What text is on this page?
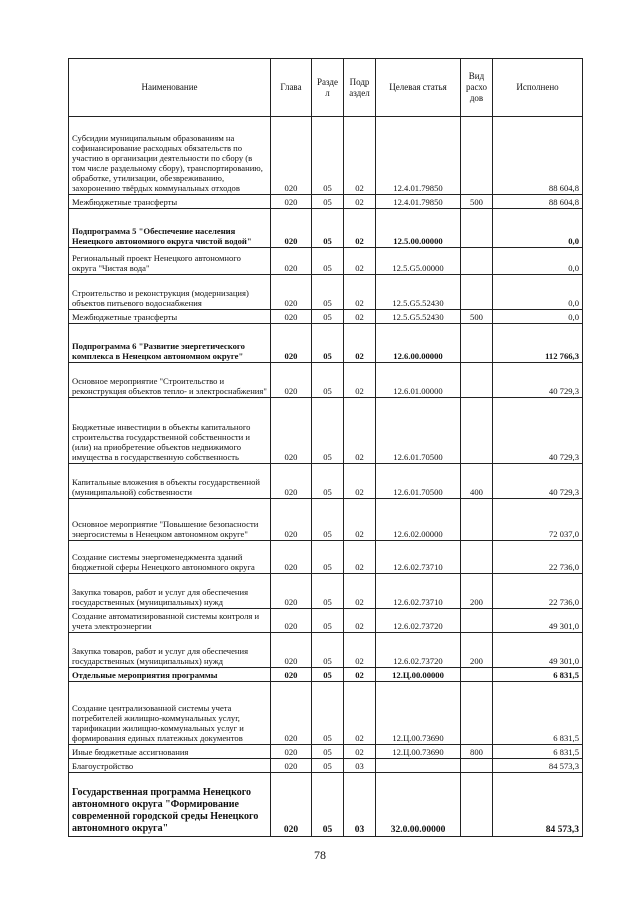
Наименование	Глава	Разде л	Подр аздел	Целевая статья	Вид расхо дов	Исполнено
Субсидии муниципальным образованиям на софинансирование расходных обязательств по участию в организации деятельности по сбору (в том числе раздельному сбору), транспортированию, обработке, утилизации, обезвреживанию, захоронению твёрдых коммунальных отходов	020	05	02	12.4.01.79850		88 604,8
Межбюджетные трансферты	020	05	02	12.4.01.79850	500	88 604,8
Подпрограмма 5 "Обеспечение населения Ненецкого автономного округа чистой водой"	020	05	02	12.5.00.00000		0,0
Региональный проект Ненецкого автономного округа "Чистая вода"	020	05	02	12.5.G5.00000		0,0
Строительство и реконструкция (модернизация) объектов питьевого водоснабжения	020	05	02	12.5.G5.52430		0,0
Межбюджетные трансферты	020	05	02	12.5.G5.52430	500	0,0
Подпрограмма 6 "Развитие энергетического комплекса в Ненецком автономном округе"	020	05	02	12.6.00.00000		112 766,3
Основное мероприятие "Строительство и реконструкция объектов тепло- и электроснабжения"	020	05	02	12.6.01.00000		40 729,3
Бюджетные инвестиции в объекты капитального строительства государственной собственности и (или) на приобретение объектов недвижимого имущества в государственную собственность	020	05	02	12.6.01.70500		40 729,3
Капитальные вложения в объекты государственной (муниципальной) собственности	020	05	02	12.6.01.70500	400	40 729,3
Основное мероприятие "Повышение безопасности энергосистемы в Ненецком автономном округе"	020	05	02	12.6.02.00000		72 037,0
Создание системы энергоменеджмента зданий бюджетной сферы Ненецкого автономного округа	020	05	02	12.6.02.73710		22 736,0
Закупка товаров, работ и услуг для обеспечения государственных (муниципальных) нужд	020	05	02	12.6.02.73710	200	22 736,0
Создание автоматизированной системы контроля и учета электроэнергии	020	05	02	12.6.02.73720		49 301,0
Закупка товаров, работ и услуг для обеспечения государственных (муниципальных) нужд	020	05	02	12.6.02.73720	200	49 301,0
Отдельные мероприятия программы	020	05	02	12.Ц.00.00000		6 831,5
Создание централизованной системы учета потребителей жилищно-коммунальных услуг, тарификации жилищно-коммунальных услуг и формирования единых платежных документов	020	05	02	12.Ц.00.73690		6 831,5
Иные бюджетные ассигнования	020	05	02	12.Ц.00.73690	800	6 831,5
Благоустройство	020	05	03			84 573,3
Государственная программа Ненецкого автономного округа "Формирование современной городской среды Ненецкого автономного округа"	020	05	03	32.0.00.00000		84 573,3
78
